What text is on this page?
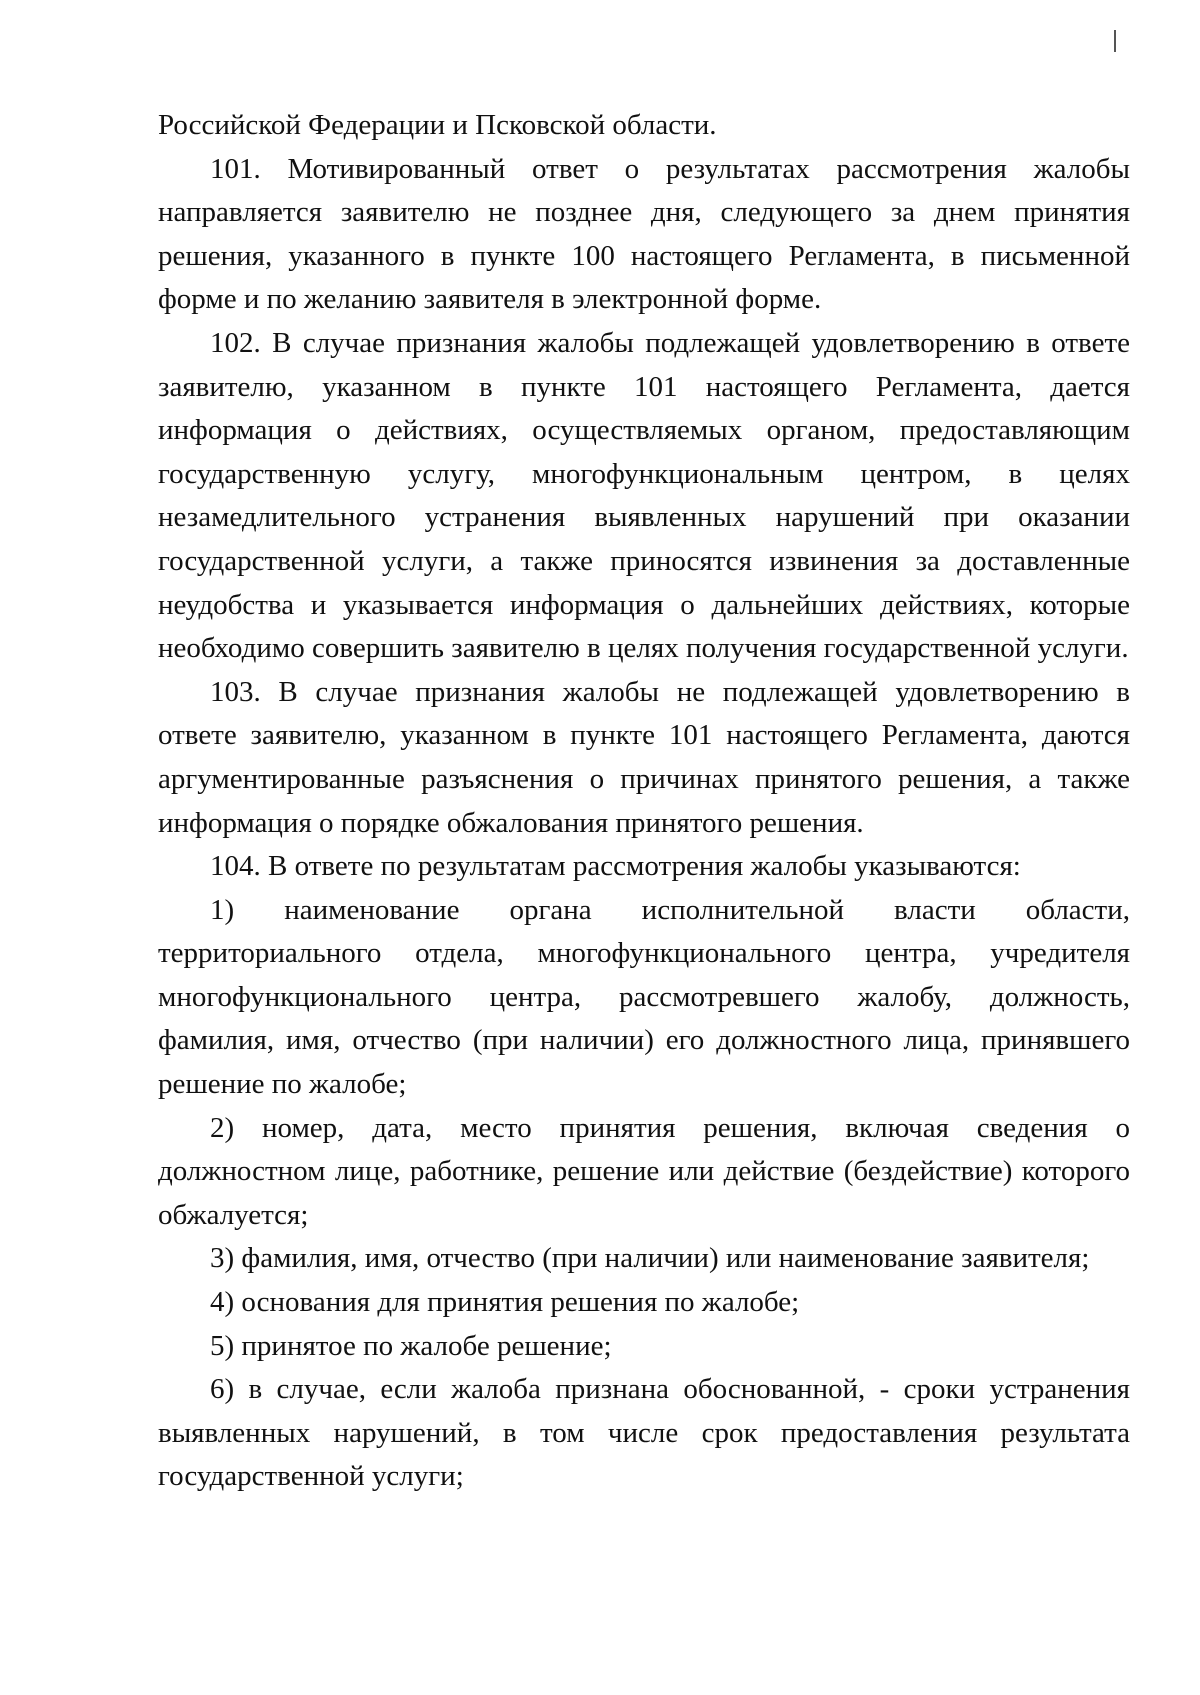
Российской Федерации и Псковской области.

101. Мотивированный ответ о результатах рассмотрения жалобы направляется заявителю не позднее дня, следующего за днем принятия решения, указанного в пункте 100 настоящего Регламента, в письменной форме и по желанию заявителя в электронной форме.

102. В случае признания жалобы подлежащей удовлетворению в ответе заявителю, указанном в пункте 101 настоящего Регламента, дается информация о действиях, осуществляемых органом, предоставляющим государственную услугу, многофункциональным центром, в целях незамедлительного устранения выявленных нарушений при оказании государственной услуги, а также приносятся извинения за доставленные неудобства и указывается информация о дальнейших действиях, которые необходимо совершить заявителю в целях получения государственной услуги.

103. В случае признания жалобы не подлежащей удовлетворению в ответе заявителю, указанном в пункте 101 настоящего Регламента, даются аргументированные разъяснения о причинах принятого решения, а также информация о порядке обжалования принятого решения.

104. В ответе по результатам рассмотрения жалобы указываются:

1) наименование органа исполнительной власти области, территориального отдела, многофункционального центра, учредителя многофункционального центра, рассмотревшего жалобу, должность, фамилия, имя, отчество (при наличии) его должностного лица, принявшего решение по жалобе;

2) номер, дата, место принятия решения, включая сведения о должностном лице, работнике, решение или действие (бездействие) которого обжалуется;

3) фамилия, имя, отчество (при наличии) или наименование заявителя;

4) основания для принятия решения по жалобе;

5) принятое по жалобе решение;

6) в случае, если жалоба признана обоснованной, - сроки устранения выявленных нарушений, в том числе срок предоставления результата государственной услуги;
